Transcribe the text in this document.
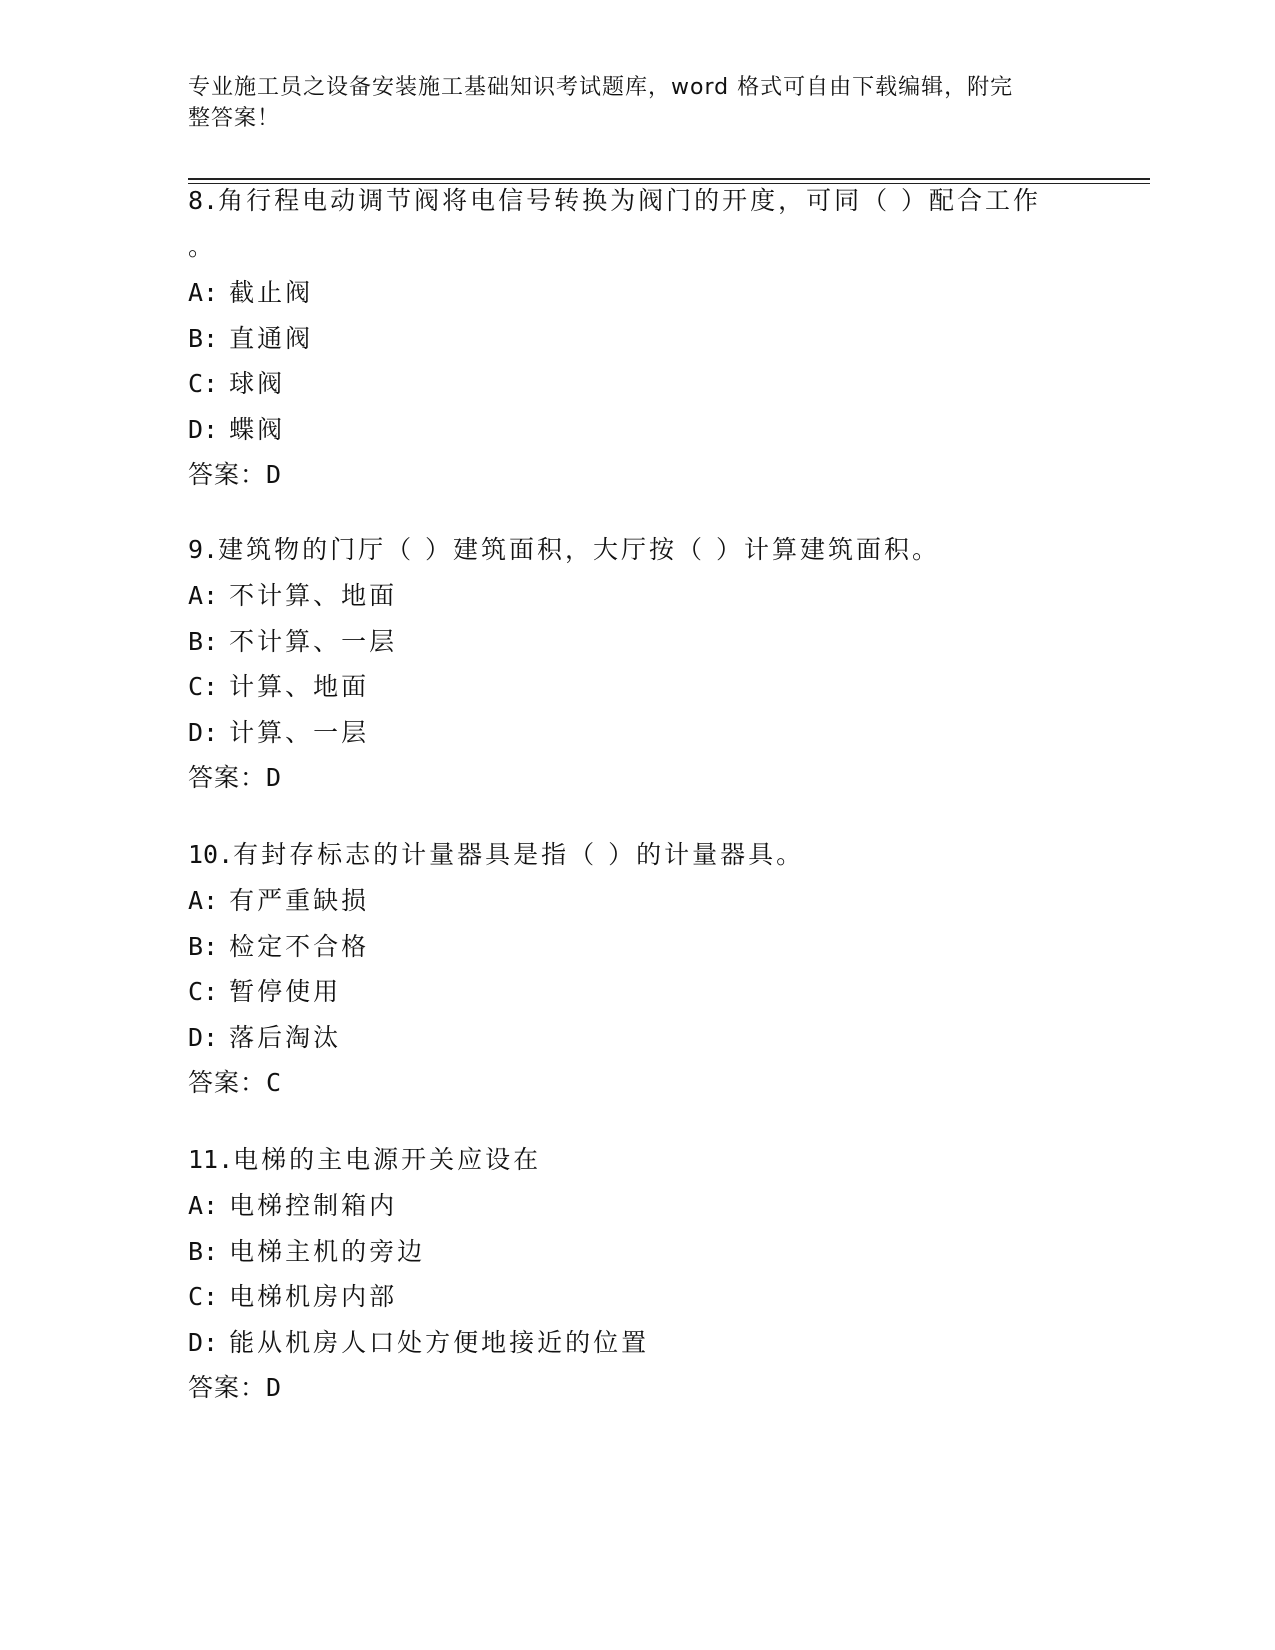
专业施工员之设备安装施工基础知识考试题库，word 格式可自由下载编辑，附完
整答案！
8.角行程电动调节阀将电信号转换为阀门的开度，可同（ ）配合工作
。
A: 截止阀
B: 直通阀
C: 球阀
D: 蝶阀
答案：D
9.建筑物的门厅（ ）建筑面积，大厅按（ ）计算建筑面积。
A: 不计算、地面
B: 不计算、一层
C: 计算、地面
D: 计算、一层
答案：D
10.有封存标志的计量器具是指（ ）的计量器具。
A: 有严重缺损
B: 检定不合格
C: 暂停使用
D: 落后淘汰
答案：C
11.电梯的主电源开关应设在
A: 电梯控制箱内
B: 电梯主机的旁边
C: 电梯机房内部
D: 能从机房人口处方便地接近的位置
答案：D
